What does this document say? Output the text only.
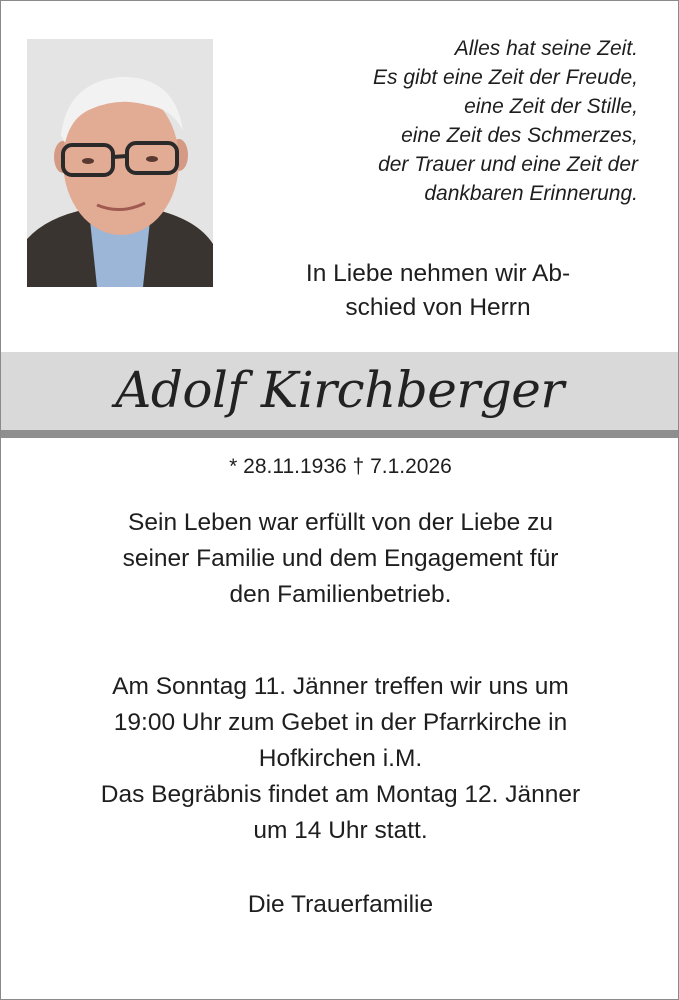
Alles hat seine Zeit.
Es gibt eine Zeit der Freude,
eine Zeit der Stille,
eine Zeit des Schmerzes,
der Trauer und eine Zeit der
dankbaren Erinnerung.
In Liebe nehmen wir Ab-
schied von Herrn
Adolf Kirchberger
* 28.11.1936 † 7.1.2026
Sein Leben war erfüllt von der Liebe zu
seiner Familie und dem Engagement für
den Familienbetrieb.
Am Sonntag 11. Jänner treffen wir uns um
19:00 Uhr zum Gebet in der Pfarrkirche in
Hofkirchen i.M.
Das Begräbnis findet am Montag 12. Jänner
um 14 Uhr statt.
Die Trauerfamilie
